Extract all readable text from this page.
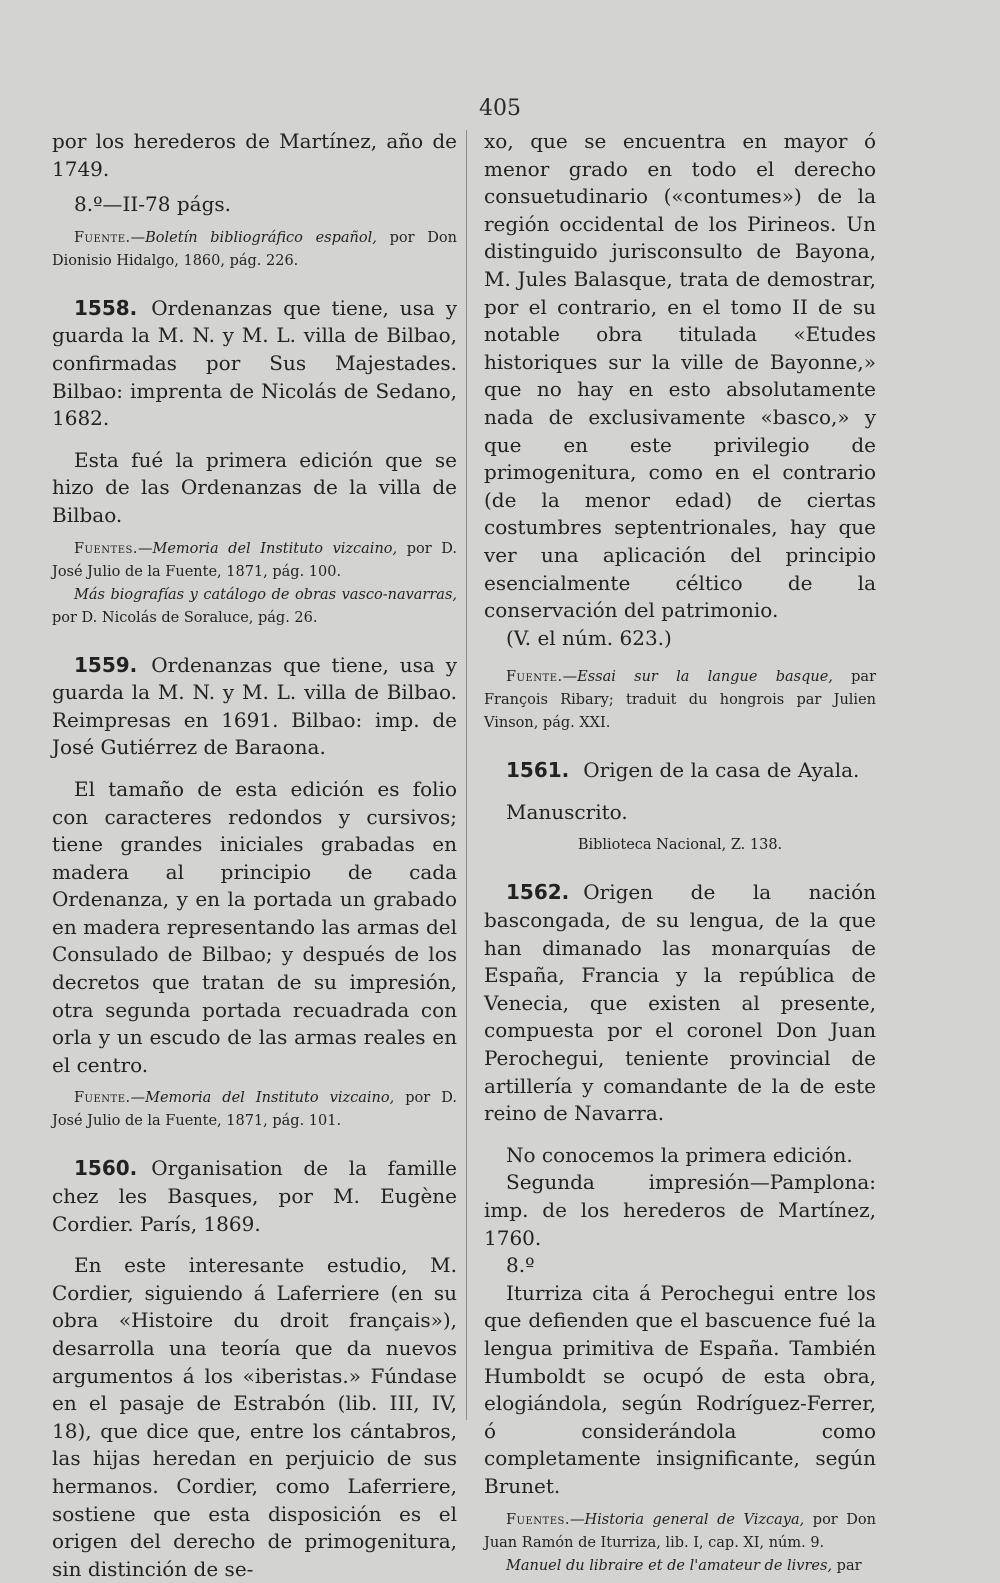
405

por los herederos de Martínez, año de 1749.

8.º—II-78 págs.

Fuente.—Boletín bibliográfico español, por Don Dionisio Hidalgo, 1860, pág. 226.

1558. Ordenanzas que tiene, usa y guarda la M. N. y M. L. villa de Bilbao, confirmadas por Sus Majestades. Bilbao: imprenta de Nicolás de Sedano, 1682.

Esta fué la primera edición que se hizo de las Ordenanzas de la villa de Bilbao.

Fuentes.—Memoria del Instituto vizcaino, por D. José Julio de la Fuente, 1871, pág. 100.

Más biografías y catálogo de obras vasco-navarras, por D. Nicolás de Soraluce, pág. 26.

1559. Ordenanzas que tiene, usa y guarda la M. N. y M. L. villa de Bilbao. Reimpresas en 1691. Bilbao: imp. de José Gutiérrez de Baraona.

El tamaño de esta edición es folio con caracteres redondos y cursivos; tiene grandes iniciales grabadas en madera al principio de cada Ordenanza, y en la portada un grabado en madera representando las armas del Consulado de Bilbao; y después de los decretos que tratan de su impresión, otra segunda portada recuadrada con orla y un escudo de las armas reales en el centro.

Fuente.—Memoria del Instituto vizcaino, por D. José Julio de la Fuente, 1871, pág. 101.

1560. Organisation de la famille chez les Basques, por M. Eugène Cordier. París, 1869.

En este interesante estudio, M. Cordier, siguiendo á Laferriere (en su obra «Histoire du droit français»), desarrolla una teoría que da nuevos argumentos á los «iberistas.» Fúndase en el pasaje de Estrabón (lib. III, IV, 18), que dice que, entre los cántabros, las hijas heredan en perjuicio de sus hermanos. Cordier, como Laferriere, sostiene que esta disposición es el origen del derecho de primogenitura, sin distinción de se-

xo, que se encuentra en mayor ó menor grado en todo el derecho consuetudinario («contumes») de la región occidental de los Pirineos. Un distinguido jurisconsulto de Bayona, M. Jules Balasque, trata de demostrar, por el contrario, en el tomo II de su notable obra titulada «Etudes historiques sur la ville de Bayonne,» que no hay en esto absolutamente nada de exclusivamente «basco,» y que en este privilegio de primogenitura, como en el contrario (de la menor edad) de ciertas costumbres septentrionales, hay que ver una aplicación del principio esencialmente céltico de la conservación del patrimonio.

(V. el núm. 623.)

Fuente.—Essai sur la langue basque, par François Ribary; traduit du hongrois par Julien Vinson, pág. XXI.

1561. Origen de la casa de Ayala.

Manuscrito.

Biblioteca Nacional, Z. 138.

1562. Origen de la nación bascongada, de su lengua, de la que han dimanado las monarquías de España, Francia y la república de Venecia, que existen al presente, compuesta por el coronel Don Juan Perochegui, teniente provincial de artillería y comandante de la de este reino de Navarra.

No conocemos la primera edición.

Segunda impresión—Pamplona: imp. de los herederos de Martínez, 1760.

8.º

Iturriza cita á Perochegui entre los que defienden que el bascuence fué la lengua primitiva de España. También Humboldt se ocupó de esta obra, elogiándola, según Rodríguez-Ferrer, ó considerándola como completamente insignificante, según Brunet.

Fuentes.—Historia general de Vizcaya, por Don Juan Ramón de Iturriza, lib. I, cap. XI, núm. 9.

Manuel du libraire et de l'amateur de livres, par
